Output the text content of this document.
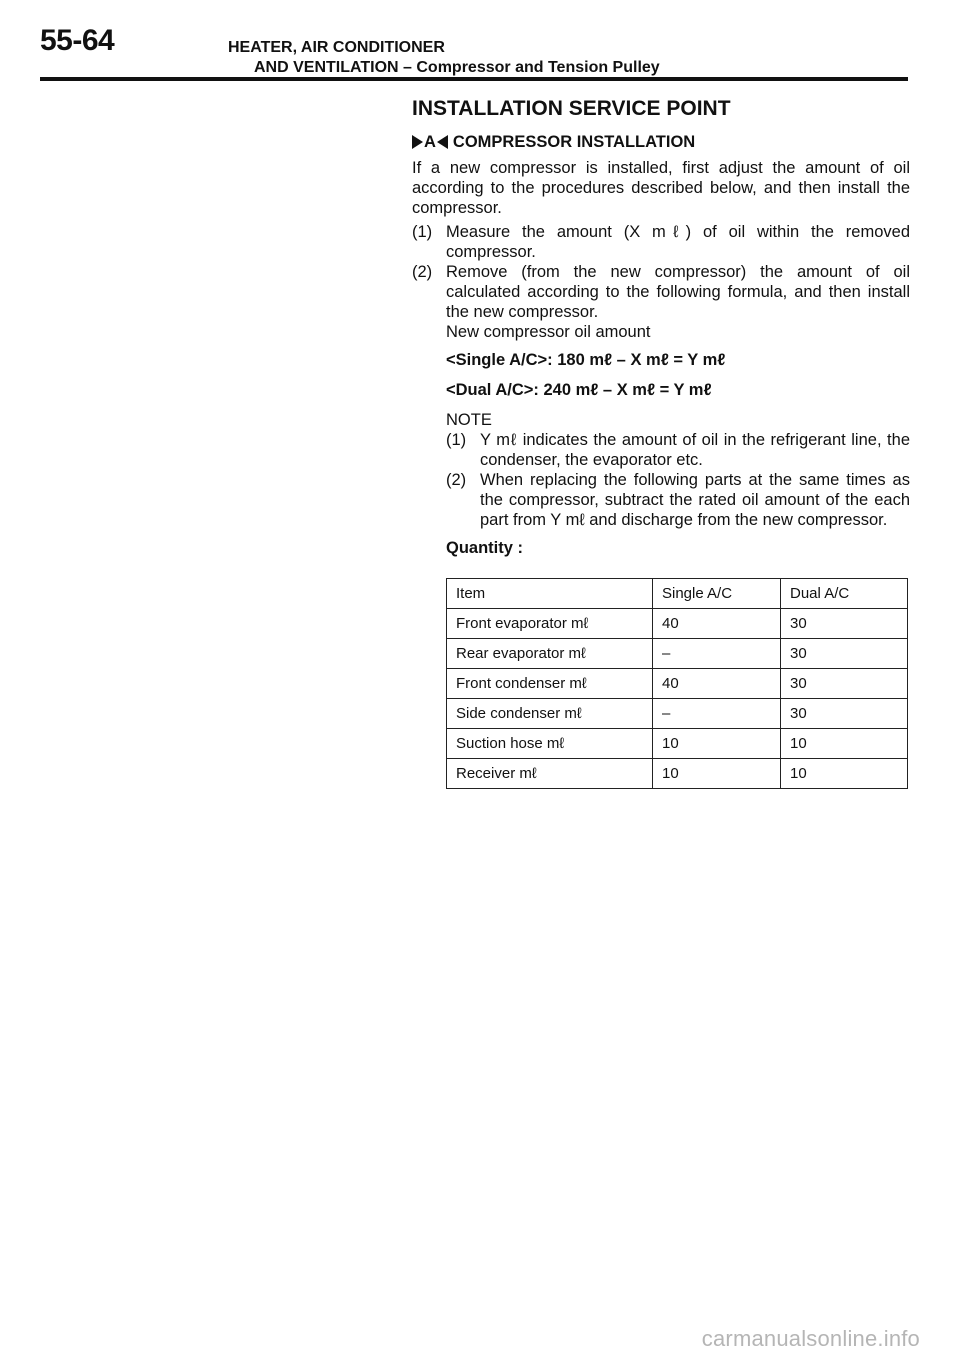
55-64	HEATER, AIR CONDITIONER
AND VENTILATION – Compressor and Tension Pulley
INSTALLATION SERVICE POINT
A COMPRESSOR INSTALLATION
If a new compressor is installed, first adjust the amount of oil according to the procedures described below, and then install the compressor.
(1) Measure the amount (X mℓ) of oil within the removed compressor.
(2) Remove (from the new compressor) the amount of oil calculated according to the following formula, and then install the new compressor.
New compressor oil amount
<Single A/C>: 180 mℓ – X mℓ = Y mℓ
<Dual A/C>: 240 mℓ – X mℓ = Y mℓ
NOTE
(1) Y mℓ indicates the amount of oil in the refrigerant line, the condenser, the evaporator etc.
(2) When replacing the following parts at the same times as the compressor, subtract the rated oil amount of the each part from Y mℓ and discharge from the new compressor.
Quantity :
Item	Single A/C	Dual A/C
Front evaporator mℓ	40	30
Rear evaporator mℓ	–	30
Front condenser mℓ	40	30
Side condenser mℓ	–	30
Suction hose mℓ	10	10
Receiver mℓ	10	10
carmanualsonline.info
